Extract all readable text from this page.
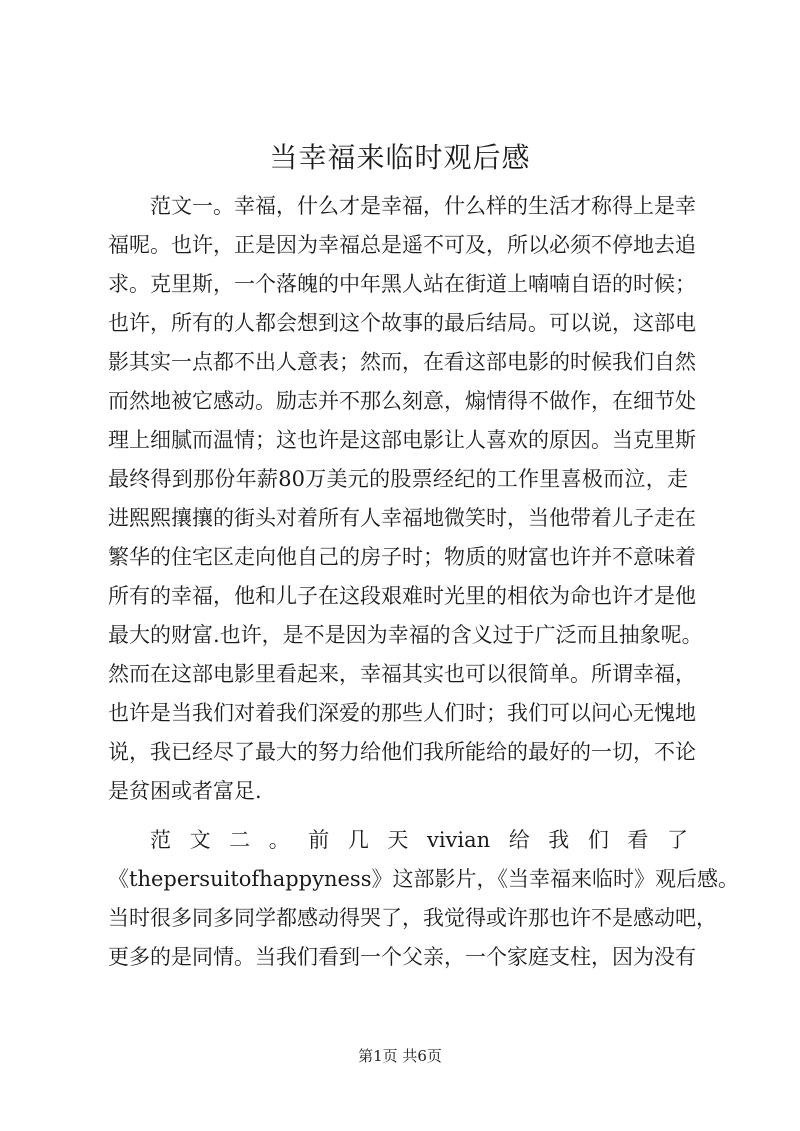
当幸福来临时观后感
范文一。幸福，什么才是幸福，什么样的生活才称得上是幸
福呢。也许，正是因为幸福总是遥不可及，所以必须不停地去追
求。克里斯，一个落魄的中年黑人站在街道上喃喃自语的时候；
也许，所有的人都会想到这个故事的最后结局。可以说，这部电
影其实一点都不出人意表；然而，在看这部电影的时候我们自然
而然地被它感动。励志并不那么刻意，煽情得不做作，在细节处
理上细腻而温情；这也许是这部电影让人喜欢的原因。当克里斯
最终得到那份年薪80万美元的股票经纪的工作里喜极而泣，走
进熙熙攘攘的街头对着所有人幸福地微笑时，当他带着儿子走在
繁华的住宅区走向他自己的房子时；物质的财富也许并不意味着
所有的幸福，他和儿子在这段艰难时光里的相依为命也许才是他
最大的财富.也许，是不是因为幸福的含义过于广泛而且抽象呢。
然而在这部电影里看起来，幸福其实也可以很简单。所谓幸福，
也许是当我们对着我们深爱的那些人们时；我们可以问心无愧地
说，我已经尽了最大的努力给他们我所能给的最好的一切，不论
是贫困或者富足.
范文二。前几天vivian给我们看了
《thepersuitofhappyness》这部影片，《当幸福来临时》观后感。
当时很多同多同学都感动得哭了，我觉得或许那也许不是感动吧，
更多的是同情。当我们看到一个父亲，一个家庭支柱，因为没有
第1页 共6页
